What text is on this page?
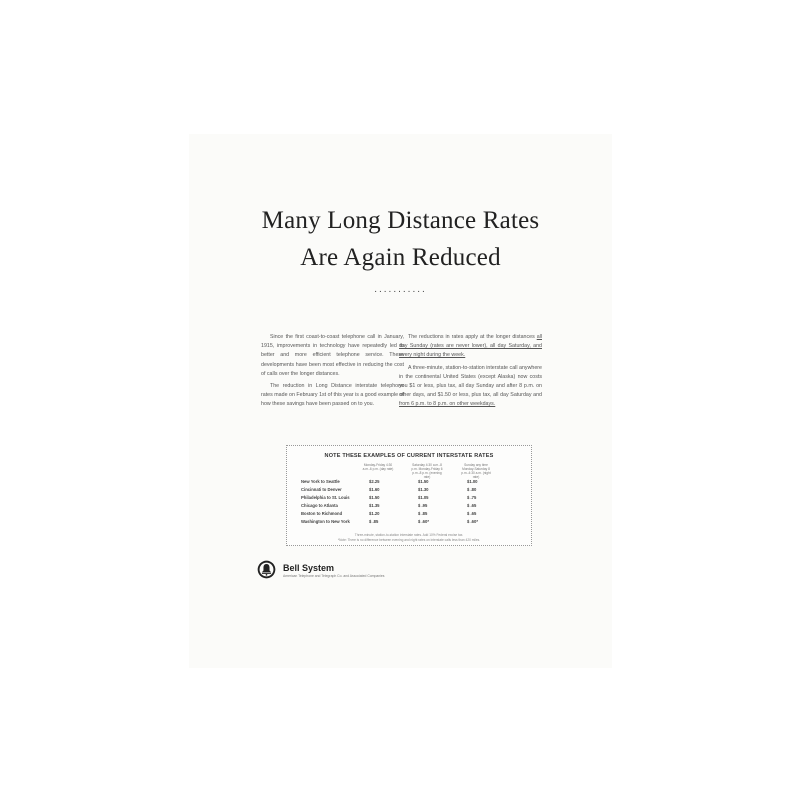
Many Long Distance Rates
Are Again Reduced
...........

Since the first coast-to-coast telephone call in January, 1915, improvements in technology have repeatedly led to better and more efficient telephone service. These developments have been most effective in reducing the cost of calls over the longer distances.

The reduction in Long Distance interstate telephone rates made on February 1st of this year is a good example of how these savings have been passed on to you.

The reductions in rates apply at the longer distances all day Sunday (rates are never lower), all day Saturday, and every night during the week.

A three-minute, station-to-station interstate call anywhere in the continental United States (except Alaska) now costs you $1 or less, plus tax, all day Sunday and after 8 p.m. on other days, and $1.50 or less, plus tax, all day Saturday and from 6 p.m. to 8 p.m. on other weekdays.

NOTE THESE EXAMPLES OF CURRENT INTERSTATE RATES
Monday-Friday 4:30 a.m.-6 p.m. (day rate)
Saturday 4:30 a.m.-8 p.m. Monday-Friday 6 p.m.-8 p.m. (evening rate)
Sunday any time Monday-Saturday 8 p.m.-4:30 a.m. (night rate)
New York to Seattle	$2.25	$1.50	$1.00
Cincinnati to Denver	$1.60	$1.30	$ .80
Philadelphia to St. Louis	$1.50	$1.05	$ .75
Chicago to Atlanta	$1.35	$ .95	$ .65
Boston to Richmond	$1.20	$ .85	$ .65
Washington to New York	$ .85	$ .60*	$ .60*
Three-minute, station-to-station interstate rates. Add 10% Federal excise tax.
*Note: There is no difference between evening and night rates on interstate calls less than 420 miles.
Bell System
American Telephone and Telegraph Co. and Associated Companies
